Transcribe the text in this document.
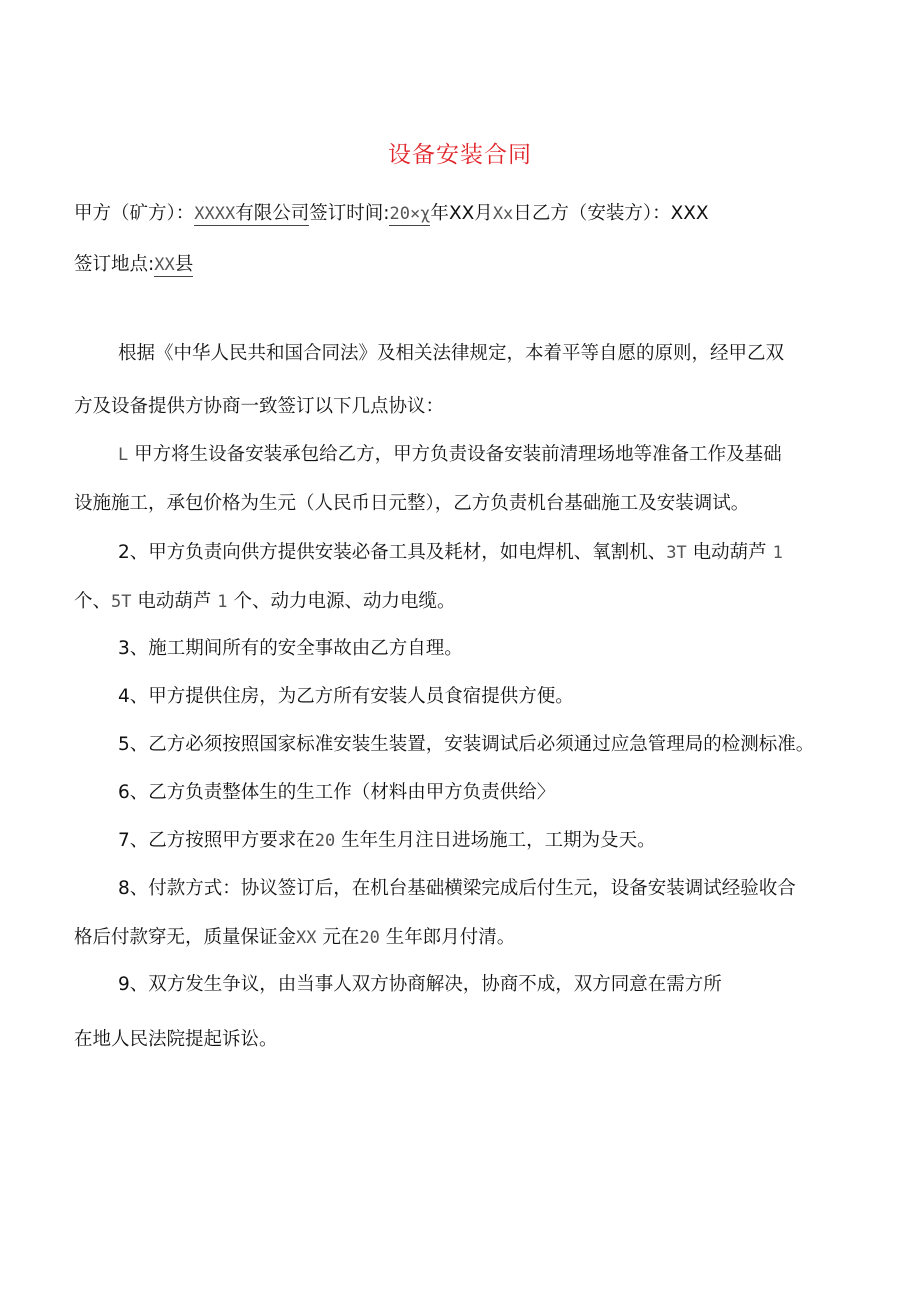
设备安装合同
甲方（矿方）：XXXX有限公司签订时间:20×χ年XX月Xx日乙方（安装方）：XXX
签订地点:XX县
根据《中华人民共和国合同法》及相关法律规定，本着平等自愿的原则，经甲乙双
方及设备提供方协商一致签订以下几点协议：
L 甲方将生设备安装承包给乙方，甲方负责设备安装前清理场地等准备工作及基础
设施施工，承包价格为生元（人民币日元整），乙方负责机台基础施工及安装调试。
2、甲方负责向供方提供安装必备工具及耗材，如电焊机、氧割机、3T 电动葫芦 1
个、5T 电动葫芦 1 个、动力电源、动力电缆。
3、施工期间所有的安全事故由乙方自理。
4、甲方提供住房，为乙方所有安装人员食宿提供方便。
5、乙方必须按照国家标准安装生装置，安装调试后必须通过应急管理局的检测标准。
6、乙方负责整体生的生工作（材料由甲方负责供给〉
7、乙方按照甲方要求在20 生年生月注日进场施工，工期为殳天。
8、付款方式：协议签订后，在机台基础横梁完成后付生元，设备安装调试经验收合
格后付款穿无，质量保证金XX 元在20 生年郎月付清。
9、双方发生争议，由当事人双方协商解决，协商不成，双方同意在需方所
在地人民法院提起诉讼。
